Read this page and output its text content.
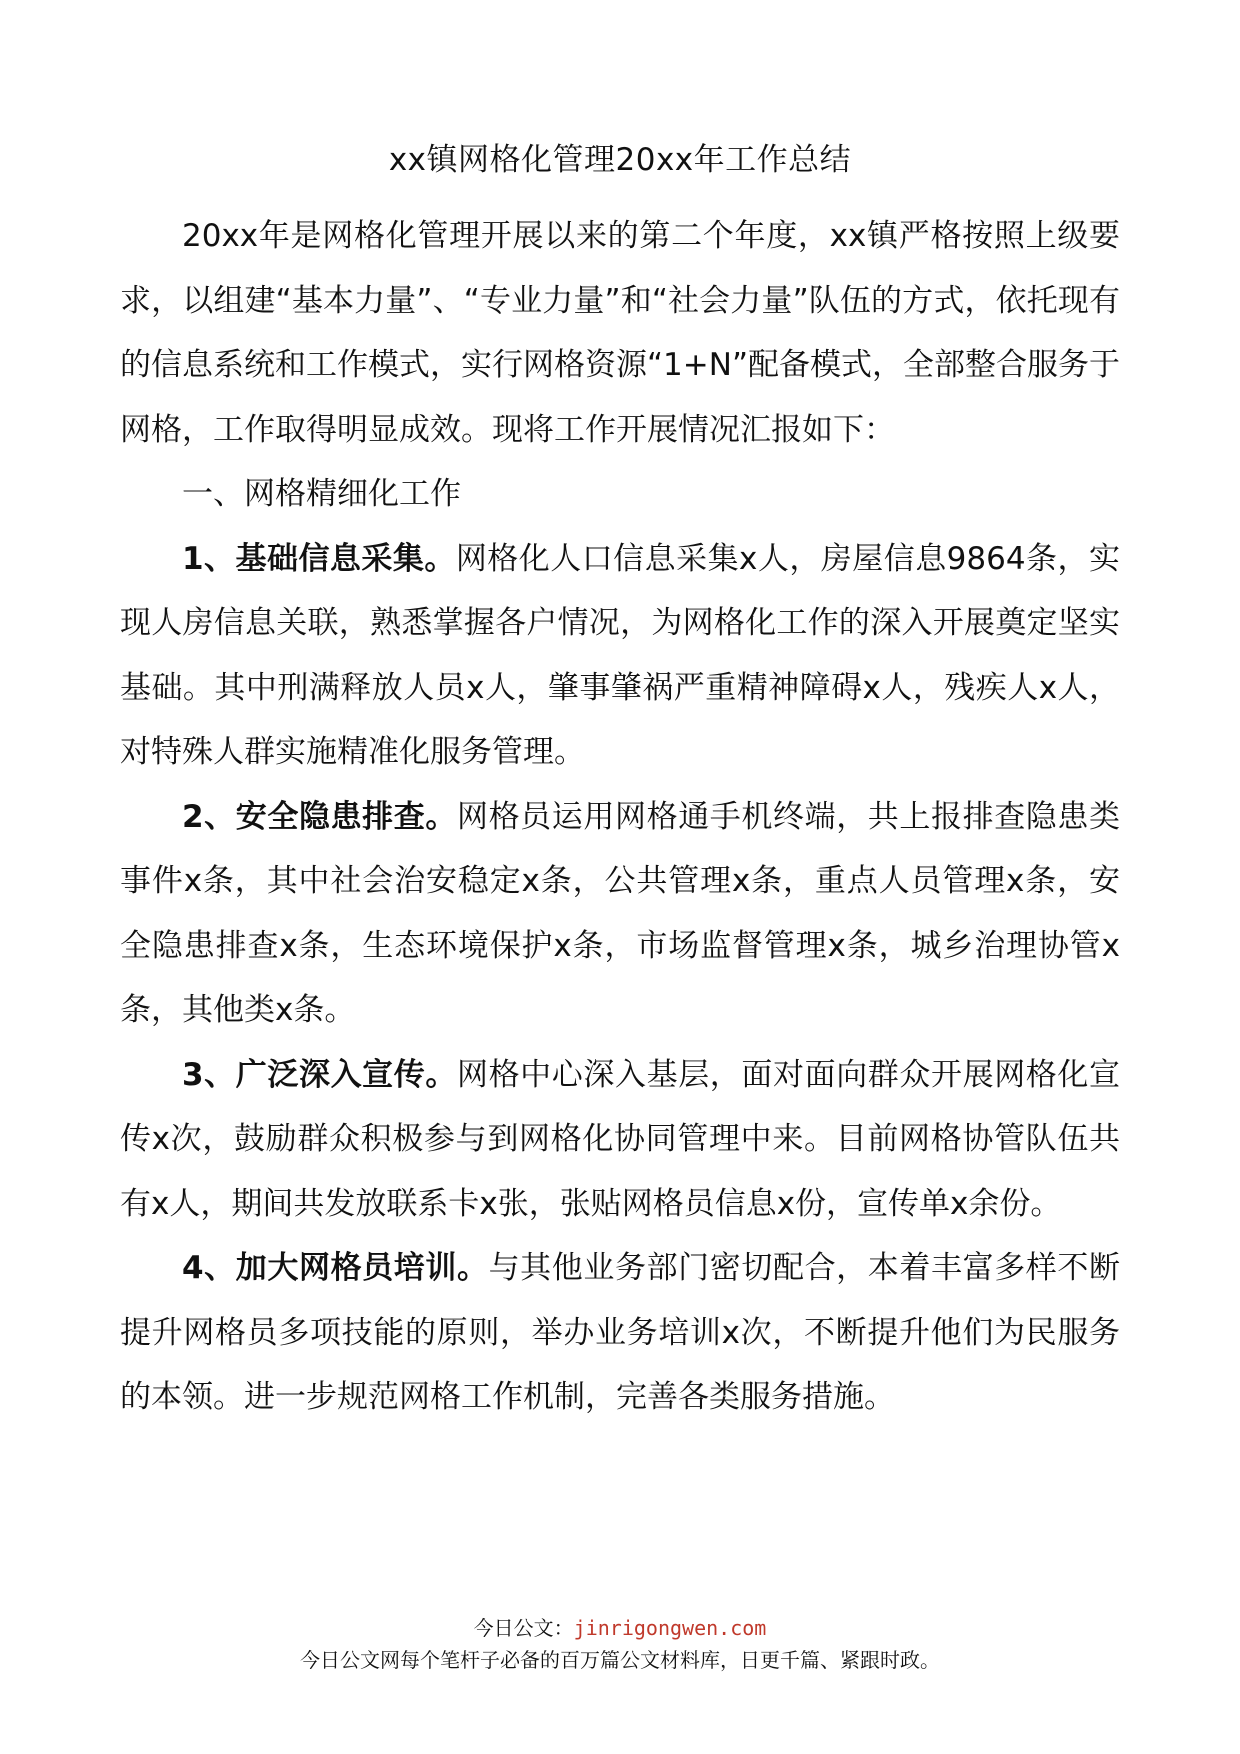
xx镇网格化管理20xx年工作总结

20xx年是网格化管理开展以来的第二个年度，xx镇严格按照上级要求，以组建“基本力量”、“专业力量”和“社会力量”队伍的方式，依托现有的信息系统和工作模式，实行网格资源“1+N”配备模式，全部整合服务于网格，工作取得明显成效。现将工作开展情况汇报如下：

一、网格精细化工作

1、基础信息采集。网格化人口信息采集x人，房屋信息9864条，实现人房信息关联，熟悉掌握各户情况，为网格化工作的深入开展奠定坚实基础。其中刑满释放人员x人，肇事肇祸严重精神障碍x人，残疾人x人，对特殊人群实施精准化服务管理。

2、安全隐患排查。网格员运用网格通手机终端，共上报排查隐患类事件x条，其中社会治安稳定x条，公共管理x条，重点人员管理x条，安全隐患排查x条，生态环境保护x条，市场监督管理x条，城乡治理协管x条，其他类x条。

3、广泛深入宣传。网格中心深入基层，面对面向群众开展网格化宣传x次，鼓励群众积极参与到网格化协同管理中来。目前网格协管队伍共有x人，期间共发放联系卡x张，张贴网格员信息x份，宣传单x余份。

4、加大网格员培训。与其他业务部门密切配合，本着丰富多样不断提升网格员多项技能的原则，举办业务培训x次，不断提升他们为民服务的本领。进一步规范网格工作机制，完善各类服务措施。

今日公文：jinrigongwen.com
今日公文网每个笔杆子必备的百万篇公文材料库，日更千篇、紧跟时政。
